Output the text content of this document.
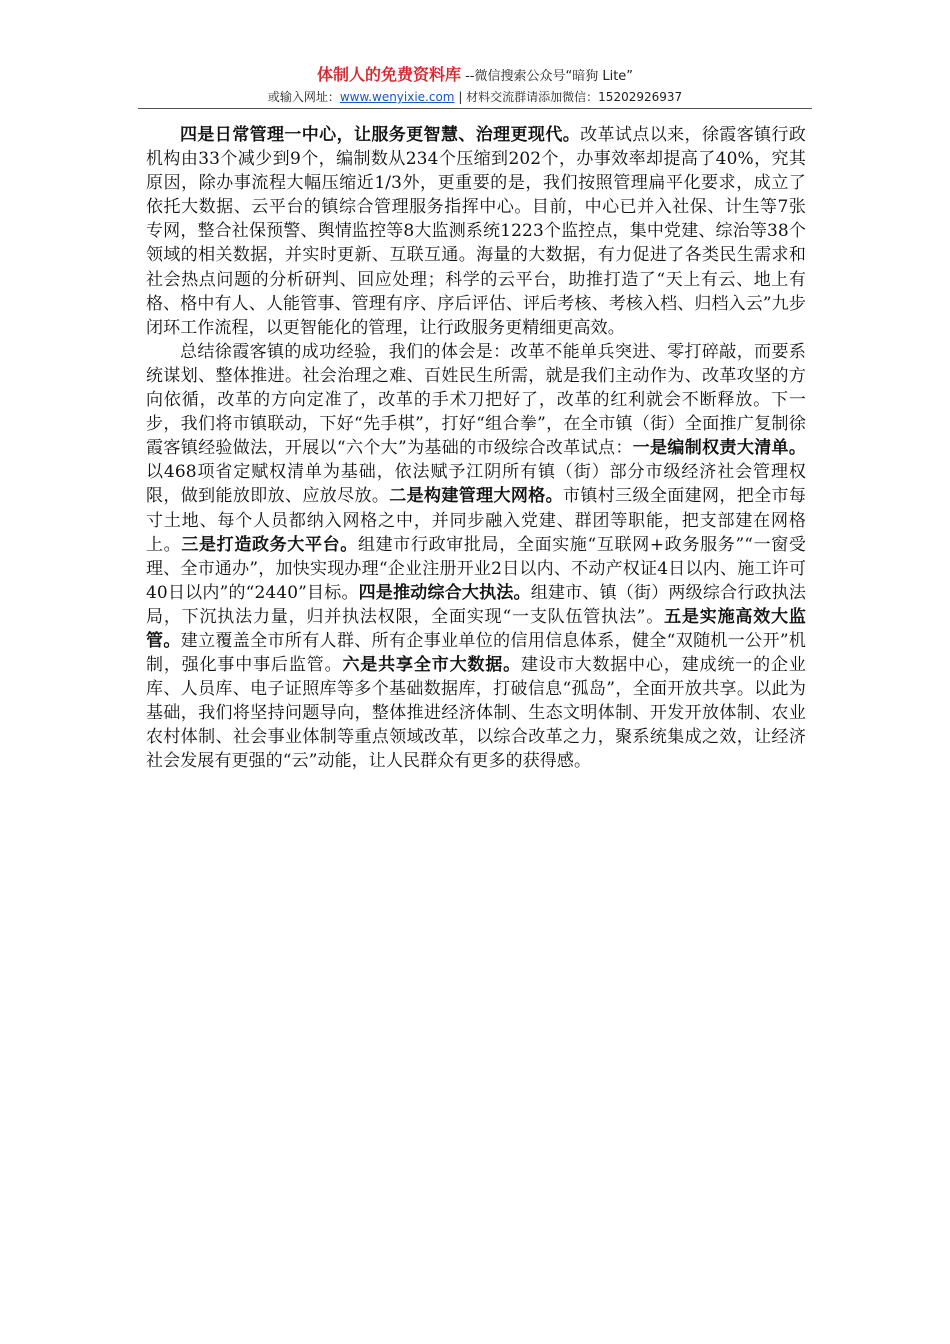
体制人的免费资料库 --微信搜索公众号“暗狗 Lite”
或输入网址：www.wenyixie.com | 材料交流群请添加微信：15202926937

四是日常管理一中心，让服务更智慧、治理更现代。改革试点以来，徐霞客镇行政机构由33个减少到9个，编制数从234个压缩到202个，办事效率却提高了40%，究其原因，除办事流程大幅压缩近1/3外，更重要的是，我们按照管理扁平化要求，成立了依托大数据、云平台的镇综合管理服务指挥中心。目前，中心已并入社保、计生等7张专网，整合社保预警、舆情监控等8大监测系统1223个监控点，集中党建、综治等38个领域的相关数据，并实时更新、互联互通。海量的大数据，有力促进了各类民生需求和社会热点问题的分析研判、回应处理；科学的云平台，助推打造了“天上有云、地上有格、格中有人、人能管事、管理有序、序后评估、评后考核、考核入档、归档入云”九步闭环工作流程，以更智能化的管理，让行政服务更精细更高效。

总结徐霞客镇的成功经验，我们的体会是：改革不能单兵突进、零打碎敲，而要系统谋划、整体推进。社会治理之难、百姓民生所需，就是我们主动作为、改革攻坚的方向依循，改革的方向定准了，改革的手术刀把好了，改革的红利就会不断释放。下一步，我们将市镇联动，下好“先手棋”，打好“组合拳”，在全市镇（街）全面推广复制徐霞客镇经验做法，开展以“六个大”为基础的市级综合改革试点：一是编制权责大清单。以468项省定赋权清单为基础，依法赋予江阴所有镇（街）部分市级经济社会管理权限，做到能放即放、应放尽放。二是构建管理大网格。市镇村三级全面建网，把全市每寸土地、每个人员都纳入网格之中，并同步融入党建、群团等职能，把支部建在网格上。三是打造政务大平台。组建市行政审批局，全面实施“互联网+政务服务”“一窗受理、全市通办”，加快实现办理“企业注册开业2日以内、不动产权证4日以内、施工许可40日以内”的“2440”目标。四是推动综合大执法。组建市、镇（街）两级综合行政执法局，下沉执法力量，归并执法权限，全面实现“一支队伍管执法”。五是实施高效大监管。建立覆盖全市所有人群、所有企事业单位的信用信息体系，健全“双随机一公开”机制，强化事中事后监管。六是共享全市大数据。建设市大数据中心，建成统一的企业库、人员库、电子证照库等多个基础数据库，打破信息“孤岛”，全面开放共享。以此为基础，我们将坚持问题导向，整体推进经济体制、生态文明体制、开发开放体制、农业农村体制、社会事业体制等重点领域改革，以综合改革之力，聚系统集成之效，让经济社会发展有更强的“云”动能，让人民群众有更多的获得感。
